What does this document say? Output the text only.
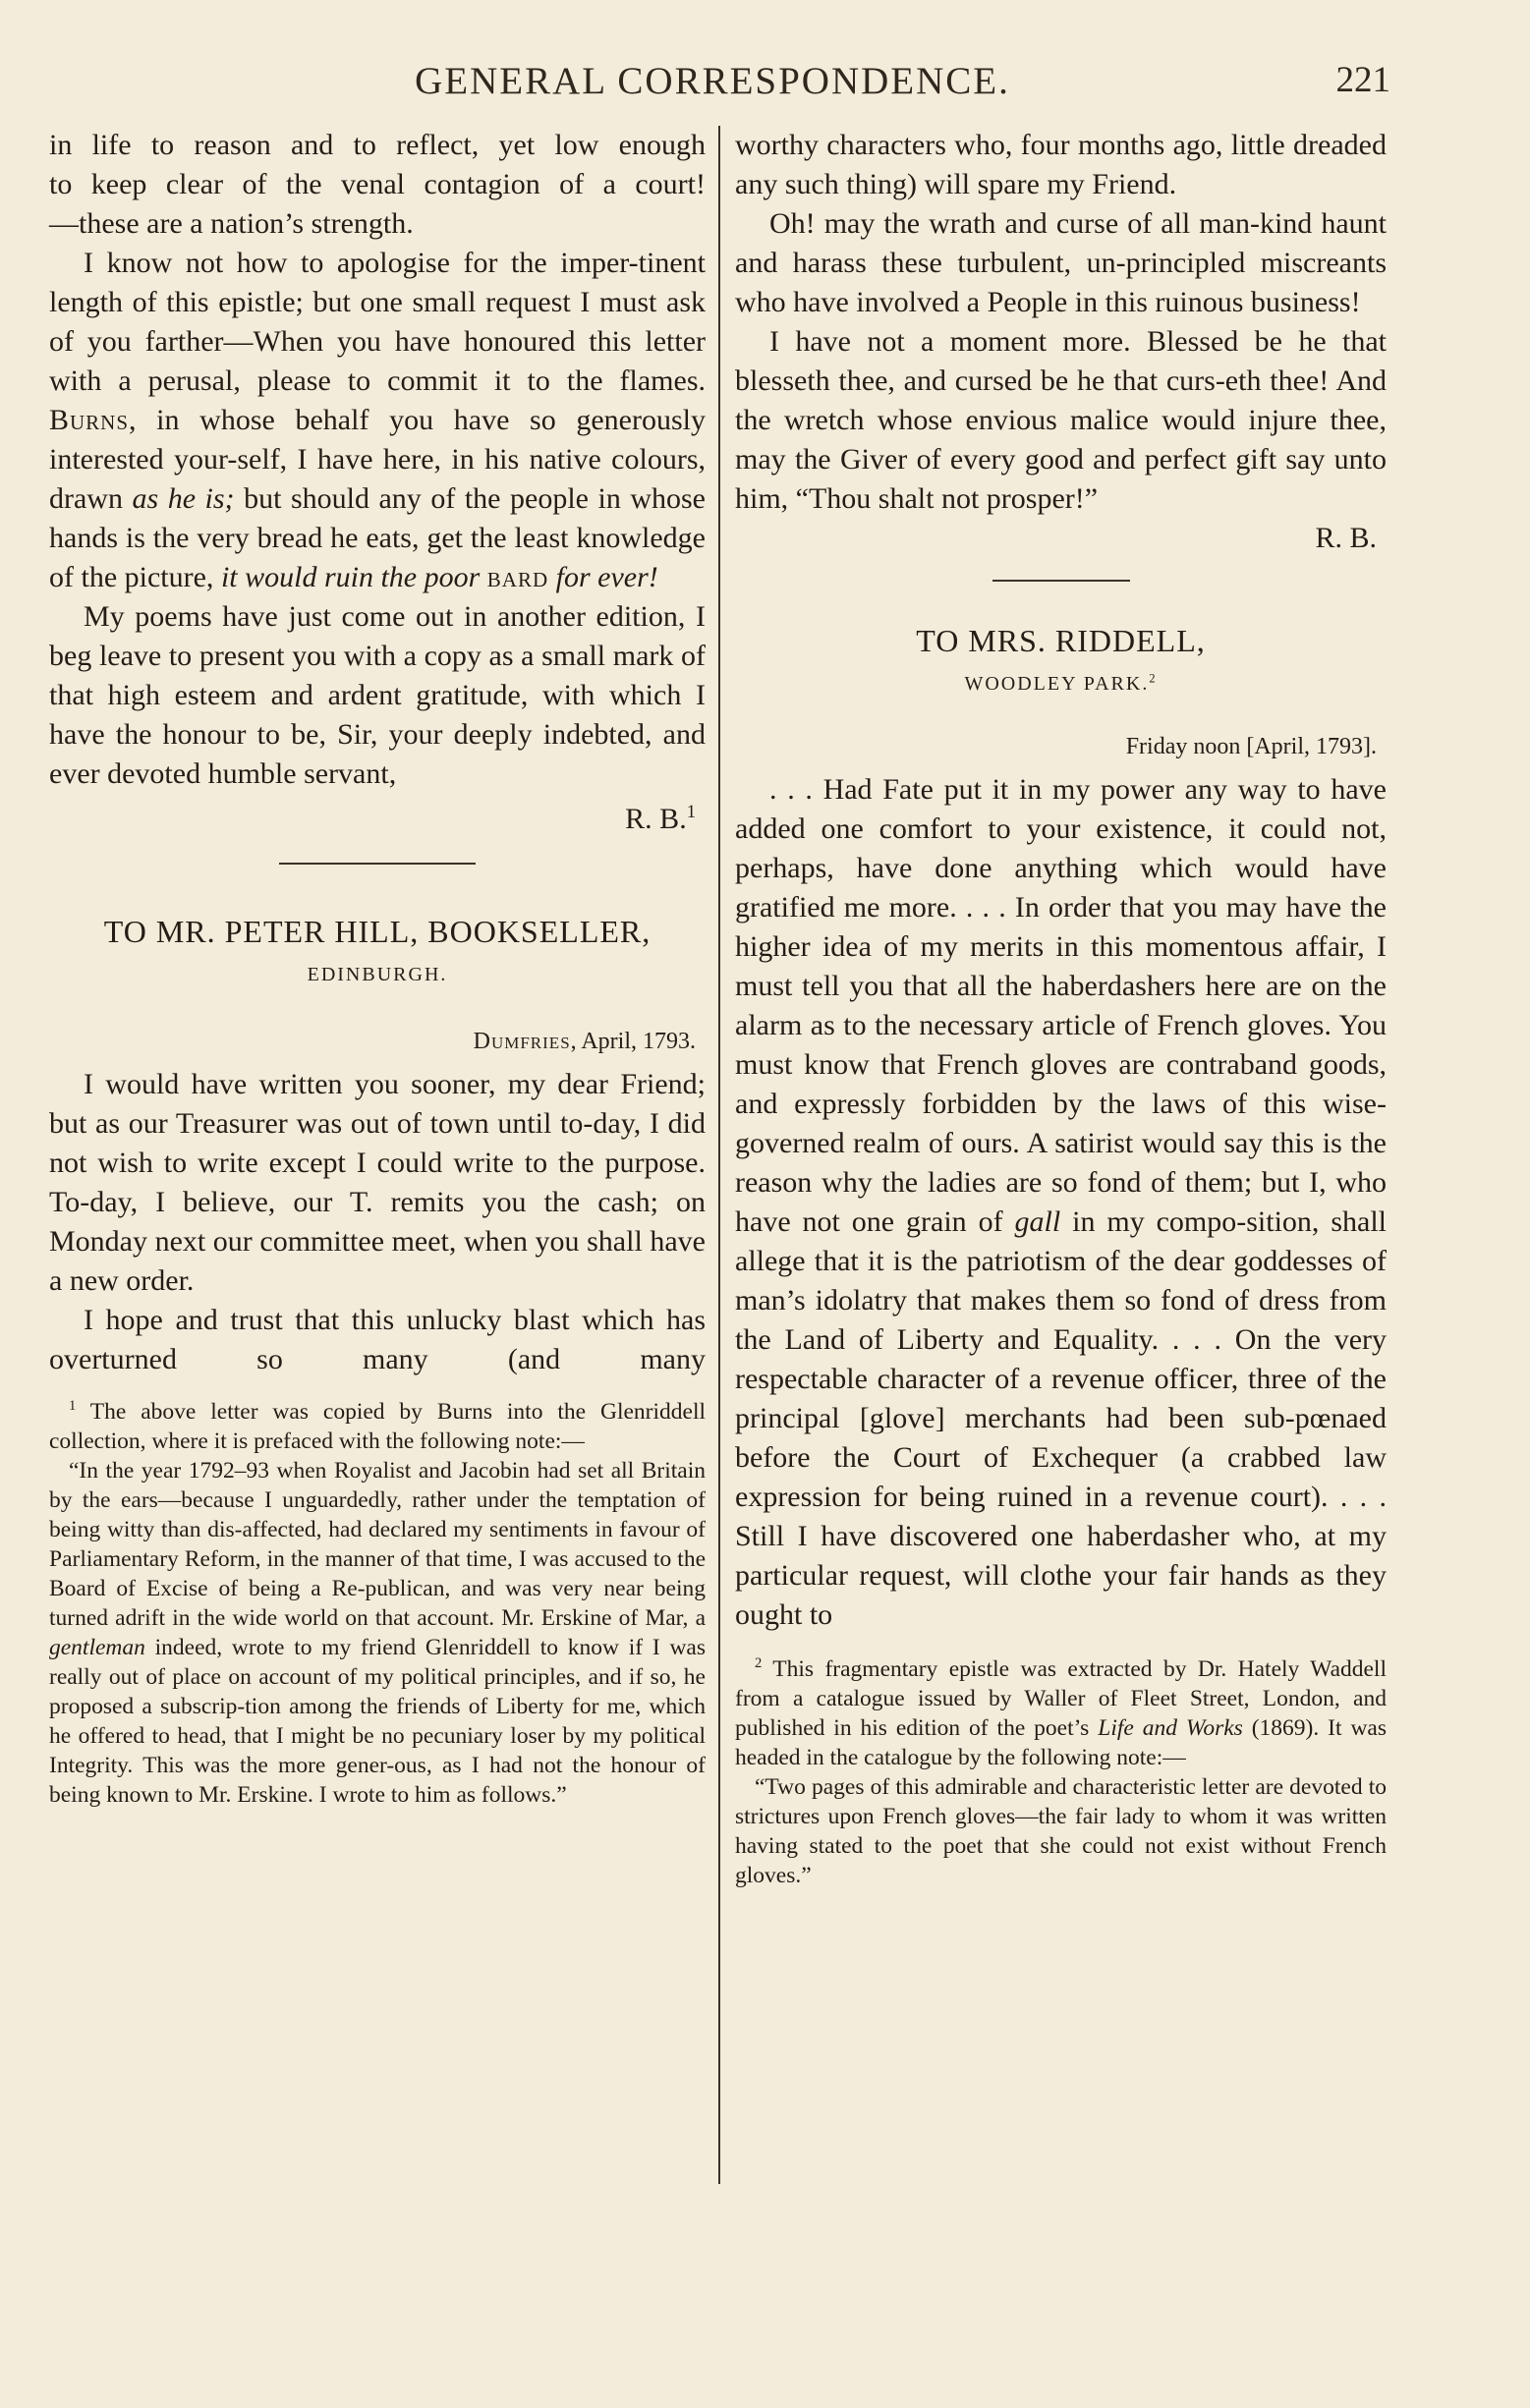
GENERAL CORRESPONDENCE.	221

in life to reason and to reflect, yet low enough

to keep clear of the venal contagion of a court!

—these are a nation’s strength.

I know not how to apologise for the imper-tinent length of this epistle; but one small request I must ask of you farther—When you have honoured this letter with a perusal, please to commit it to the flames. Burns, in whose behalf you have so generously interested your-self, I have here, in his native colours, drawn as he is; but should any of the people in whose hands is the very bread he eats, get the least knowledge of the picture, it would ruin the poor bard for ever!

My poems have just come out in another edition, I beg leave to present you with a copy as a small mark of that high esteem and ardent gratitude, with which I have the honour to be, Sir, your deeply indebted, and ever devoted humble servant,

R. B.$^1$

TO MR. PETER HILL, BOOKSELLER,
EDINBURGH.
Dumfries, April, 1793.

I would have written you sooner, my dear Friend; but as our Treasurer was out of town until to-day, I did not wish to write except I could write to the purpose. To-day, I believe, our T. remits you the cash; on Monday next our committee meet, when you shall have a new order.

I hope and trust that this unlucky blast which has overturned so many (and many

$^1$ The above letter was copied by Burns into the Glenriddell collection, where it is prefaced with the following note:—

“In the year 1792–93 when Royalist and Jacobin had set all Britain by the ears—because I unguardedly, rather under the temptation of being witty than dis-affected, had declared my sentiments in favour of Parliamentary Reform, in the manner of that time, I was accused to the Board of Excise of being a Re-publican, and was very near being turned adrift in the wide world on that account. Mr. Erskine of Mar, a gentleman indeed, wrote to my friend Glenriddell to know if I was really out of place on account of my political principles, and if so, he proposed a subscrip-tion among the friends of Liberty for me, which he offered to head, that I might be no pecuniary loser by my political Integrity. This was the more gener-ous, as I had not the honour of being known to Mr. Erskine. I wrote to him as follows.”

worthy characters who, four months ago, little dreaded any such thing) will spare my Friend.

Oh! may the wrath and curse of all man-kind haunt and harass these turbulent, un-principled miscreants who have involved a People in this ruinous business!

I have not a moment more. Blessed be he that blesseth thee, and cursed be he that curs-eth thee! And the wretch whose envious malice would injure thee, may the Giver of every good and perfect gift say unto him, “Thou shalt not prosper!”

R. B.

TO MRS. RIDDELL,
WOODLEY PARK.$^2$
Friday noon [April, 1793].

. . . Had Fate put it in my power any way to have added one comfort to your existence, it could not, perhaps, have done anything which would have gratified me more. . . . In order that you may have the higher idea of my merits in this momentous affair, I must tell you that all the haberdashers here are on the alarm as to the necessary article of French gloves. You must know that French gloves are contraband goods, and expressly forbidden by the laws of this wise-governed realm of ours. A satirist would say this is the reason why the ladies are so fond of them; but I, who have not one grain of gall in my compo-sition, shall allege that it is the patriotism of the dear goddesses of man’s idolatry that makes them so fond of dress from the Land of Liberty and Equality. . . . On the very respectable character of a revenue officer, three of the principal [glove] merchants had been sub-pœnaed before the Court of Exchequer (a crabbed law expression for being ruined in a revenue court). . . . Still I have discovered one haberdasher who, at my particular request, will clothe your fair hands as they ought to

$^2$ This fragmentary epistle was extracted by Dr. Hately Waddell from a catalogue issued by Waller of Fleet Street, London, and published in his edition of the poet’s Life and Works (1869). It was headed in the catalogue by the following note:—

“Two pages of this admirable and characteristic letter are devoted to strictures upon French gloves—the fair lady to whom it was written having stated to the poet that she could not exist without French gloves.”
